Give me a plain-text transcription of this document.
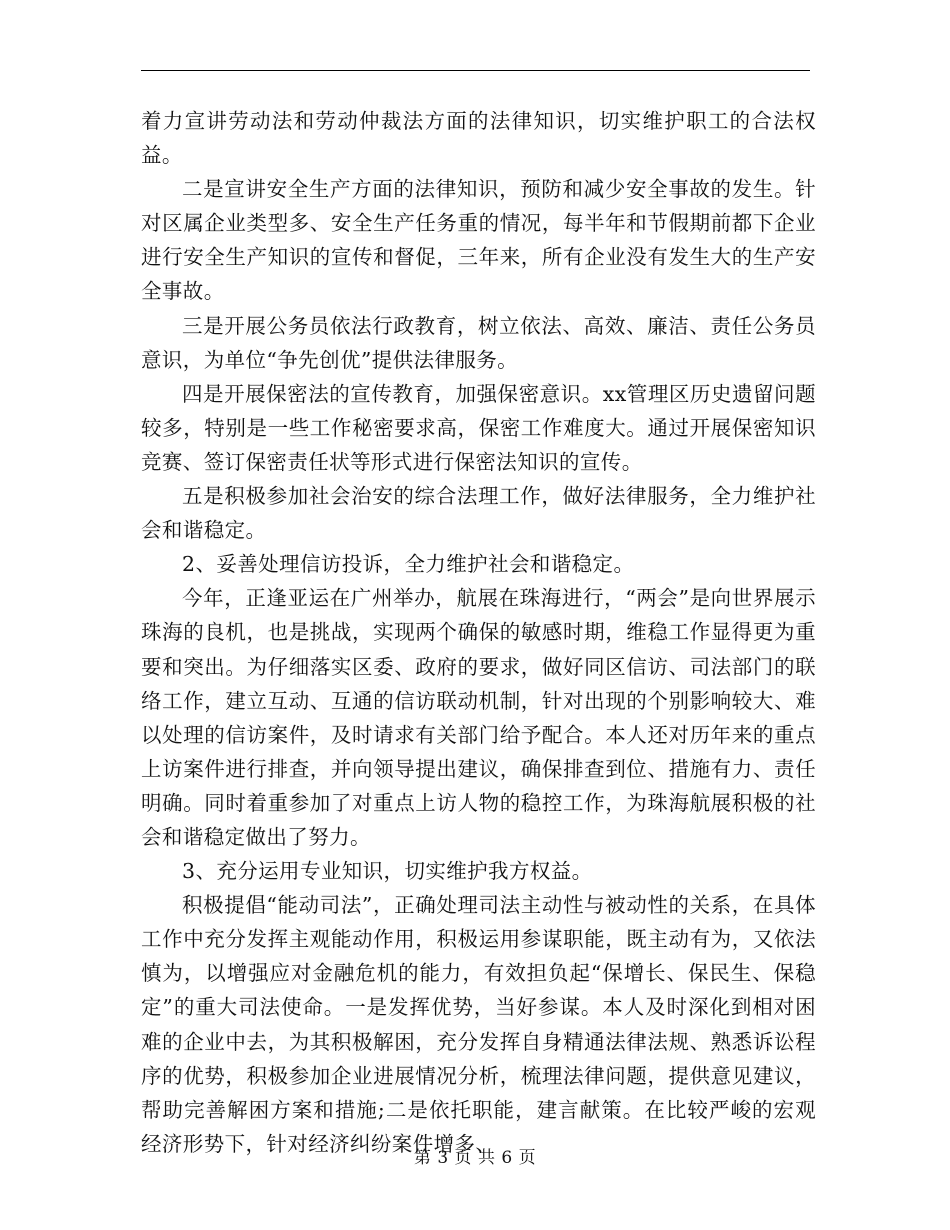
着力宣讲劳动法和劳动仲裁法方面的法律知识，切实维护职工的合法权益。

二是宣讲安全生产方面的法律知识，预防和减少安全事故的发生。针对区属企业类型多、安全生产任务重的情况，每半年和节假期前都下企业进行安全生产知识的宣传和督促，三年来，所有企业没有发生大的生产安全事故。

三是开展公务员依法行政教育，树立依法、高效、廉洁、责任公务员意识，为单位“争先创优”提供法律服务。

四是开展保密法的宣传教育，加强保密意识。xx管理区历史遗留问题较多，特别是一些工作秘密要求高，保密工作难度大。通过开展保密知识竞赛、签订保密责任状等形式进行保密法知识的宣传。

五是积极参加社会治安的综合法理工作，做好法律服务，全力维护社会和谐稳定。

2、妥善处理信访投诉，全力维护社会和谐稳定。

今年，正逢亚运在广州举办，航展在珠海进行，“两会”是向世界展示珠海的良机，也是挑战，实现两个确保的敏感时期，维稳工作显得更为重要和突出。为仔细落实区委、政府的要求，做好同区信访、司法部门的联络工作，建立互动、互通的信访联动机制，针对出现的个别影响较大、难以处理的信访案件，及时请求有关部门给予配合。本人还对历年来的重点上访案件进行排查，并向领导提出建议，确保排查到位、措施有力、责任明确。同时着重参加了对重点上访人物的稳控工作，为珠海航展积极的社会和谐稳定做出了努力。

3、充分运用专业知识，切实维护我方权益。

积极提倡“能动司法”，正确处理司法主动性与被动性的关系，在具体工作中充分发挥主观能动作用，积极运用参谋职能，既主动有为，又依法慎为，以增强应对金融危机的能力，有效担负起“保增长、保民生、保稳定”的重大司法使命。一是发挥优势，当好参谋。本人及时深化到相对困难的企业中去，为其积极解困，充分发挥自身精通法律法规、熟悉诉讼程序的优势，积极参加企业进展情况分析，梳理法律问题，提供意见建议，帮助完善解困方案和措施;二是依托职能，建言献策。在比较严峻的宏观经济形势下，针对经济纠纷案件增多、

第 3 页 共 6 页
